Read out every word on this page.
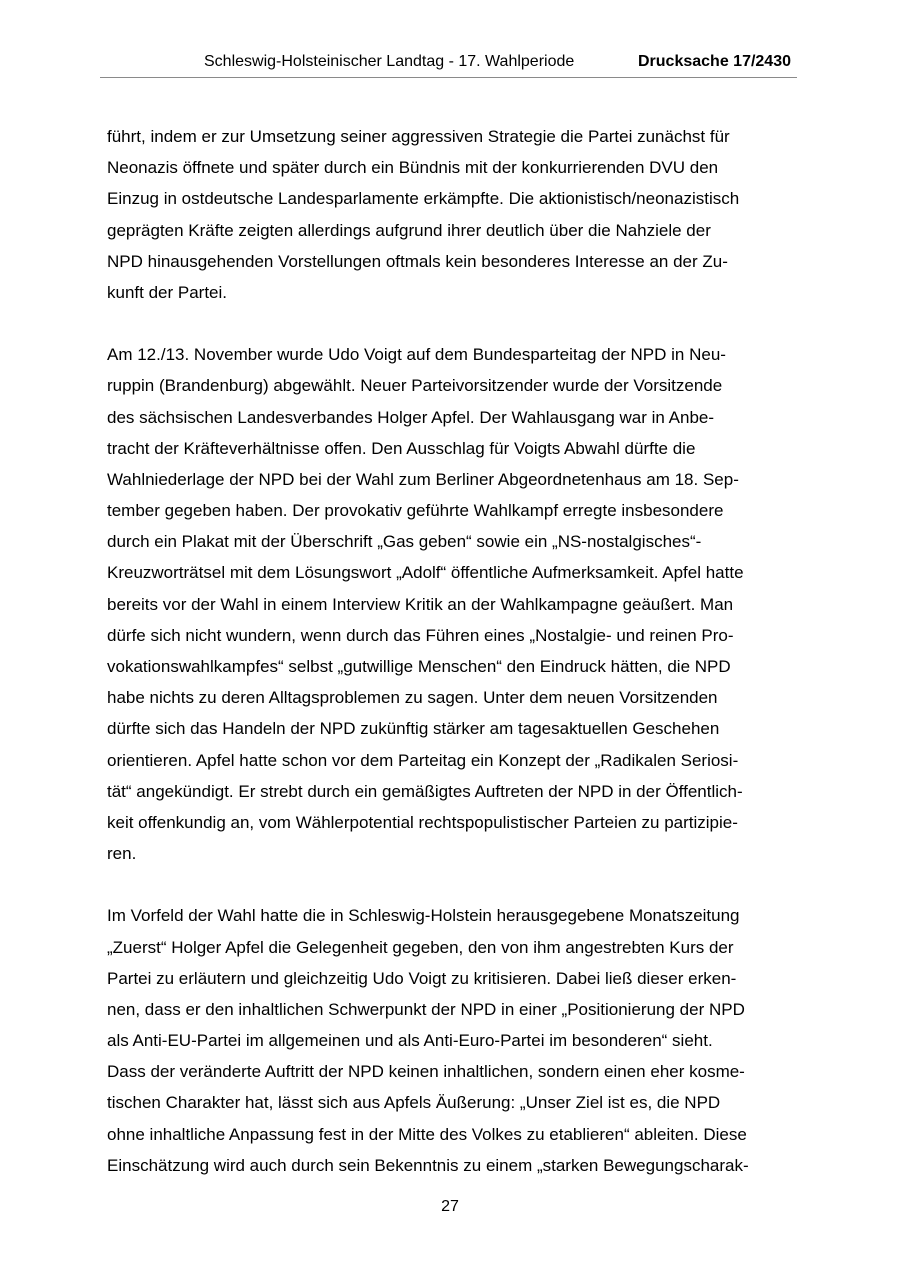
Schleswig-Holsteinischer Landtag - 17. Wahlperiode	Drucksache 17/2430
führt, indem er zur Umsetzung seiner aggressiven Strategie die Partei zunächst für
Neonazis öffnete und später durch ein Bündnis mit der konkurrierenden DVU den
Einzug in ostdeutsche Landesparlamente erkämpfte. Die aktionistisch/neonazistisch
geprägten Kräfte zeigten allerdings aufgrund ihrer deutlich über die Nahziele der
NPD hinausgehenden Vorstellungen oftmals kein besonderes Interesse an der Zu-
kunft der Partei.
Am 12./13. November wurde Udo Voigt auf dem Bundesparteitag der NPD in Neu-
ruppin (Brandenburg) abgewählt. Neuer Parteivorsitzender wurde der Vorsitzende
des sächsischen Landesverbandes Holger Apfel. Der Wahlausgang war in Anbe-
tracht der Kräfteverhältnisse offen. Den Ausschlag für Voigts Abwahl dürfte die
Wahlniederlage der NPD bei der Wahl zum Berliner Abgeordnetenhaus am 18. Sep-
tember gegeben haben. Der provokativ geführte Wahlkampf erregte insbesondere
durch ein Plakat mit der Überschrift „Gas geben“ sowie ein „NS-nostalgisches“-
Kreuzworträtsel mit dem Lösungswort „Adolf“ öffentliche Aufmerksamkeit. Apfel hatte
bereits vor der Wahl in einem Interview Kritik an der Wahlkampagne geäußert. Man
dürfe sich nicht wundern, wenn durch das Führen eines „Nostalgie- und reinen Pro-
vokationswahlkampfes“ selbst „gutwillige Menschen“ den Eindruck hätten, die NPD
habe nichts zu deren Alltagsproblemen zu sagen. Unter dem neuen Vorsitzenden
dürfte sich das Handeln der NPD zukünftig stärker am tagesaktuellen Geschehen
orientieren. Apfel hatte schon vor dem Parteitag ein Konzept der „Radikalen Seriosi-
tät“ angekündigt. Er strebt durch ein gemäßigtes Auftreten der NPD in der Öffentlich-
keit offenkundig an, vom Wählerpotential rechtspopulistischer Parteien zu partizipie-
ren.
Im Vorfeld der Wahl hatte die in Schleswig-Holstein herausgegebene Monatszeitung
„Zuerst“ Holger Apfel die Gelegenheit gegeben, den von ihm angestrebten Kurs der
Partei zu erläutern und gleichzeitig Udo Voigt zu kritisieren. Dabei ließ dieser erken-
nen, dass er den inhaltlichen Schwerpunkt der NPD in einer „Positionierung der NPD
als Anti-EU-Partei im allgemeinen und als Anti-Euro-Partei im besonderen“ sieht.
Dass der veränderte Auftritt der NPD keinen inhaltlichen, sondern einen eher kosme-
tischen Charakter hat, lässt sich aus Apfels Äußerung: „Unser Ziel ist es, die NPD
ohne inhaltliche Anpassung fest in der Mitte des Volkes zu etablieren“ ableiten. Diese
Einschätzung wird auch durch sein Bekenntnis zu einem „starken Bewegungscharak-
27
